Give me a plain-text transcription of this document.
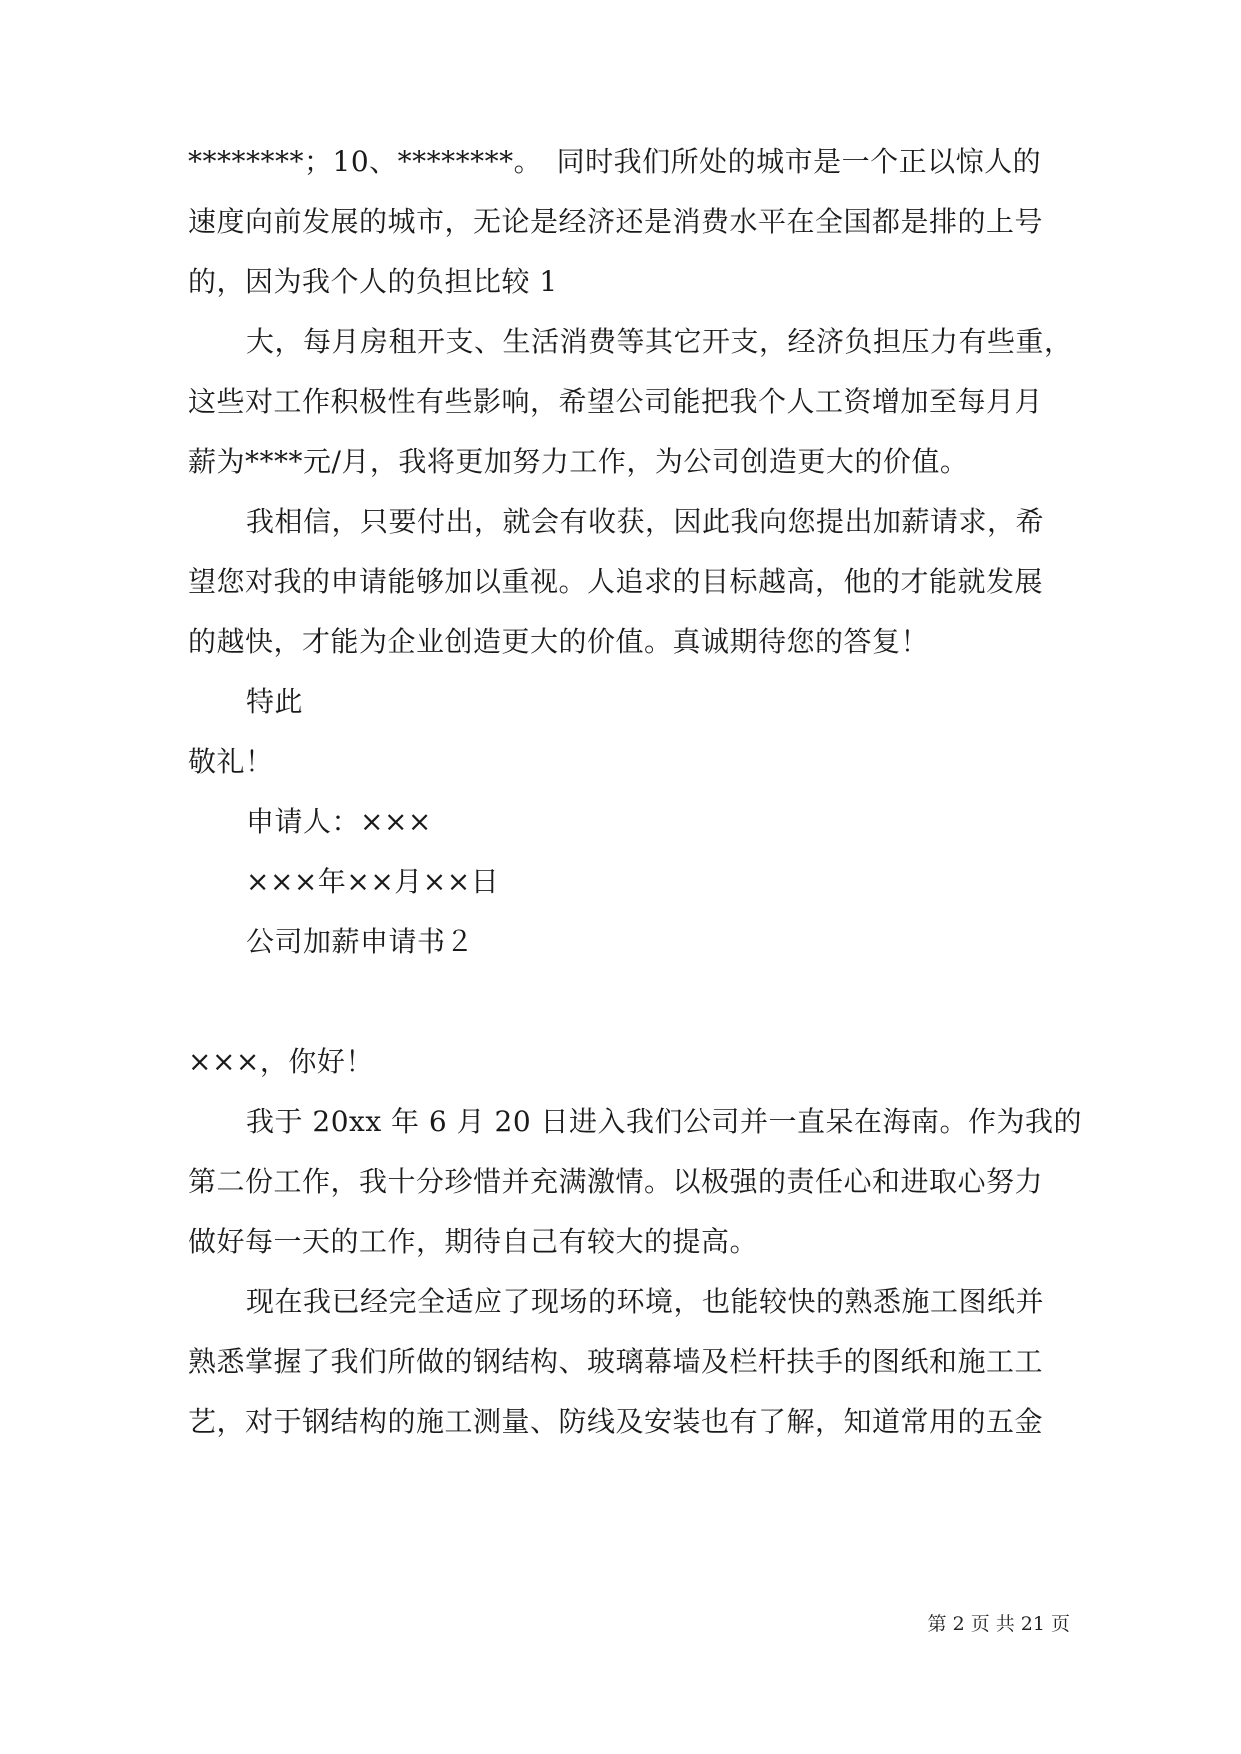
********；10、********。　同时我们所处的城市是一个正以惊人的
速度向前发展的城市，无论是经济还是消费水平在全国都是排的上号
的，因为我个人的负担比较 1
大，每月房租开支、生活消费等其它开支，经济负担压力有些重，
这些对工作积极性有些影响，希望公司能把我个人工资增加至每月月
薪为****元/月，我将更加努力工作，为公司创造更大的价值。
我相信，只要付出，就会有收获，因此我向您提出加薪请求，希
望您对我的申请能够加以重视。人追求的目标越高，他的才能就发展
的越快，才能为企业创造更大的价值。真诚期待您的答复！
特此
敬礼！
申请人：×××
×××年××月××日
公司加薪申请书２
×××，你好！
我于 20xx 年 6 月 20 日进入我们公司并一直呆在海南。作为我的
第二份工作，我十分珍惜并充满激情。以极强的责任心和进取心努力
做好每一天的工作，期待自己有较大的提高。
现在我已经完全适应了现场的环境，也能较快的熟悉施工图纸并
熟悉掌握了我们所做的钢结构、玻璃幕墙及栏杆扶手的图纸和施工工
艺，对于钢结构的施工测量、防线及安装也有了解，知道常用的五金
第 2 页 共 21 页
